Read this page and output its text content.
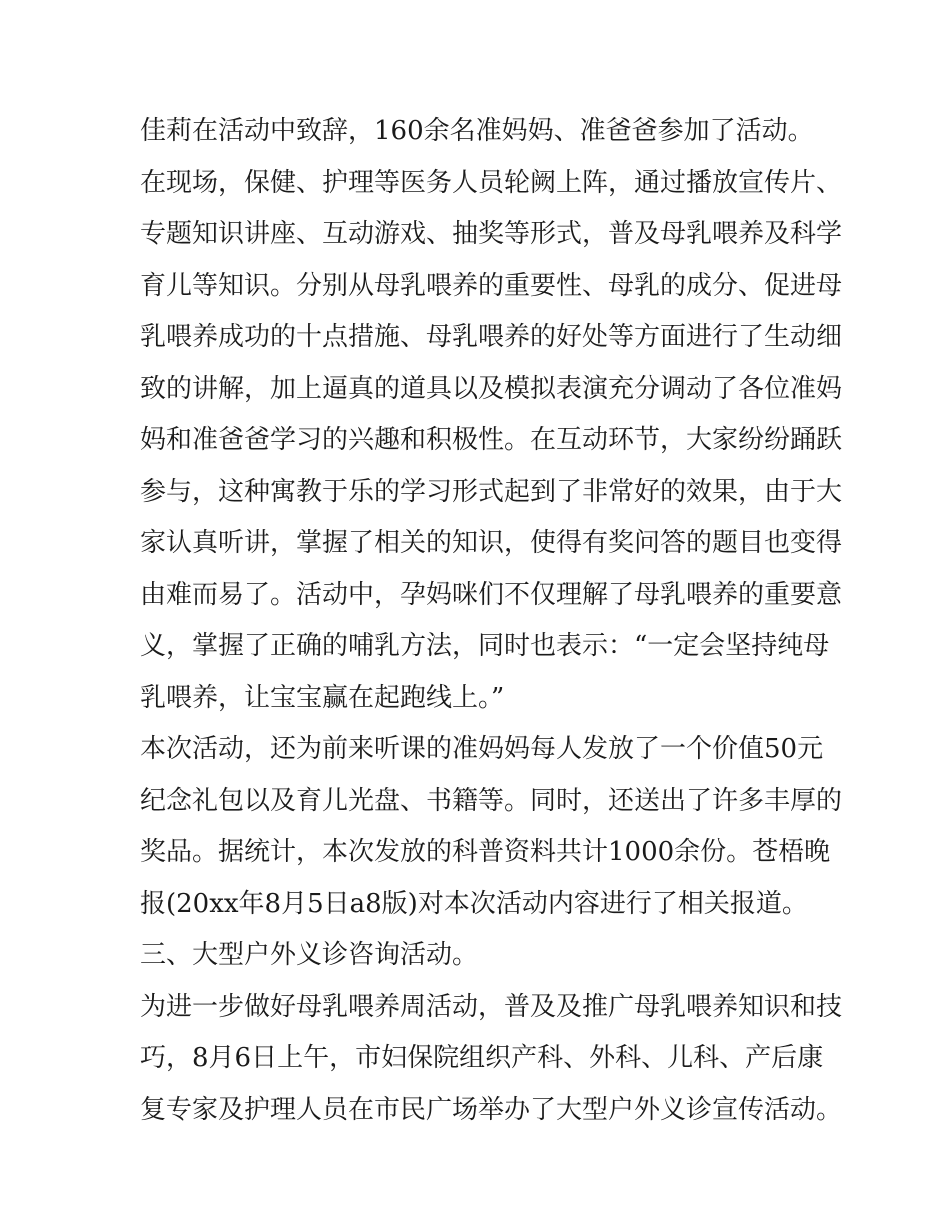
佳莉在活动中致辞，160余名准妈妈、准爸爸参加了活动。
在现场，保健、护理等医务人员轮阙上阵，通过播放宣传片、
专题知识讲座、互动游戏、抽奖等形式，普及母乳喂养及科学
育儿等知识。分别从母乳喂养的重要性、母乳的成分、促进母
乳喂养成功的十点措施、母乳喂养的好处等方面进行了生动细
致的讲解，加上逼真的道具以及模拟表演充分调动了各位准妈
妈和准爸爸学习的兴趣和积极性。在互动环节，大家纷纷踊跃
参与，这种寓教于乐的学习形式起到了非常好的效果，由于大
家认真听讲，掌握了相关的知识，使得有奖问答的题目也变得
由难而易了。活动中，孕妈咪们不仅理解了母乳喂养的重要意
义，掌握了正确的哺乳方法，同时也表示：“一定会坚持纯母
乳喂养，让宝宝赢在起跑线上。”
本次活动，还为前来听课的准妈妈每人发放了一个价值50元
纪念礼包以及育儿光盘、书籍等。同时，还送出了许多丰厚的
奖品。据统计，本次发放的科普资料共计1000余份。苍梧晚
报(20xx年8月5日a8版)对本次活动内容进行了相关报道。
三、大型户外义诊咨询活动。
为进一步做好母乳喂养周活动，普及及推广母乳喂养知识和技
巧，8月6日上午，市妇保院组织产科、外科、儿科、产后康
复专家及护理人员在市民广场举办了大型户外义诊宣传活动。
